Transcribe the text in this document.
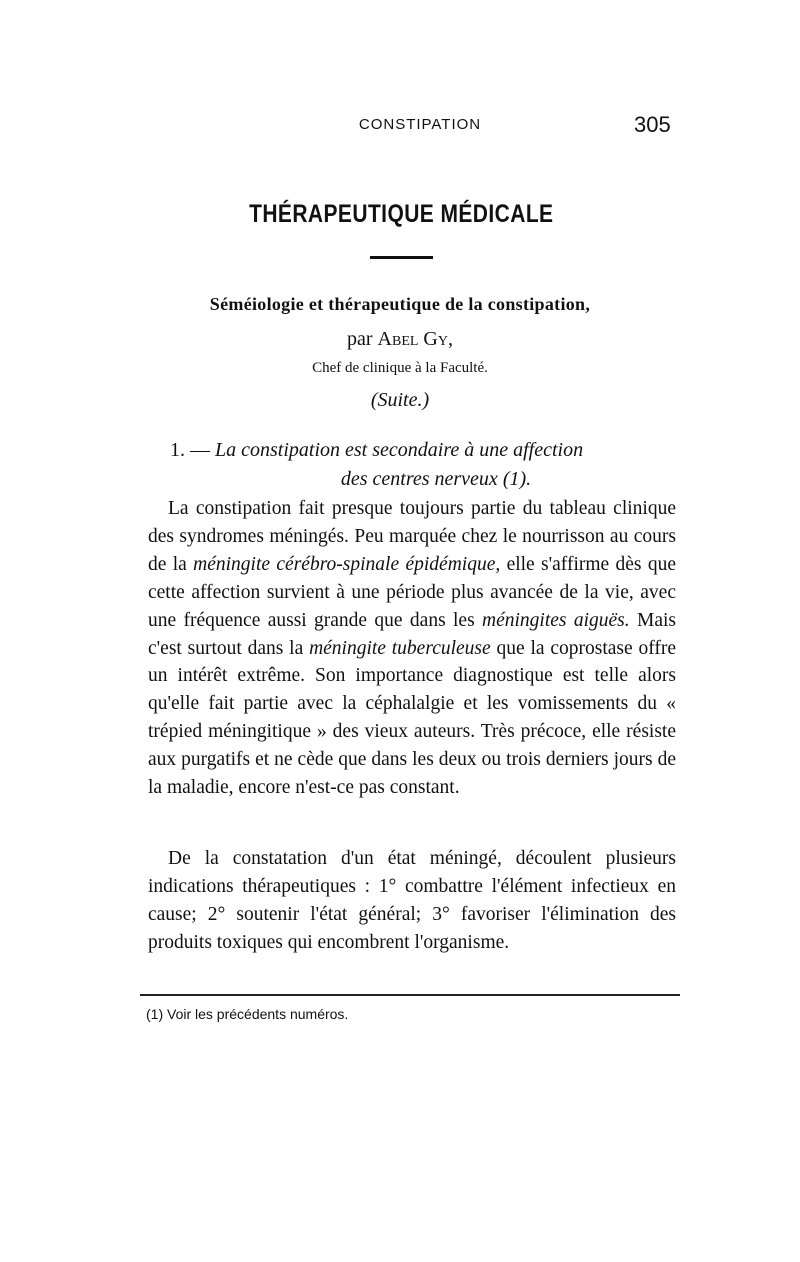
CONSTIPATION	305
THÉRAPEUTIQUE MÉDICALE
Séméiologie et thérapeutique de la constipation,
par Abel Gy,
Chef de clinique à la Faculté.
(Suite.)
1. — La constipation est secondaire à une affection
des centres nerveux (1).

La constipation fait presque toujours partie du tableau clinique des syndromes méningés. Peu marquée chez le nourrisson au cours de la méningite cérébro-spinale épidémique, elle s'affirme dès que cette affection survient à une période plus avancée de la vie, avec une fréquence aussi grande que dans les méningites aiguës. Mais c'est surtout dans la méningite tuberculeuse que la coprostase offre un intérêt extrême. Son importance diagnostique est telle alors qu'elle fait partie avec la céphalalgie et les vomissements du « trépied méningitique » des vieux auteurs. Très précoce, elle résiste aux purgatifs et ne cède que dans les deux ou trois derniers jours de la maladie, encore n'est-ce pas constant.

De la constatation d'un état méningé, découlent plusieurs indications thérapeutiques : 1° combattre l'élément infectieux en cause; 2° soutenir l'état général; 3° favoriser l'élimination des produits toxiques qui encombrent l'organisme.

(1) Voir les précédents numéros.
